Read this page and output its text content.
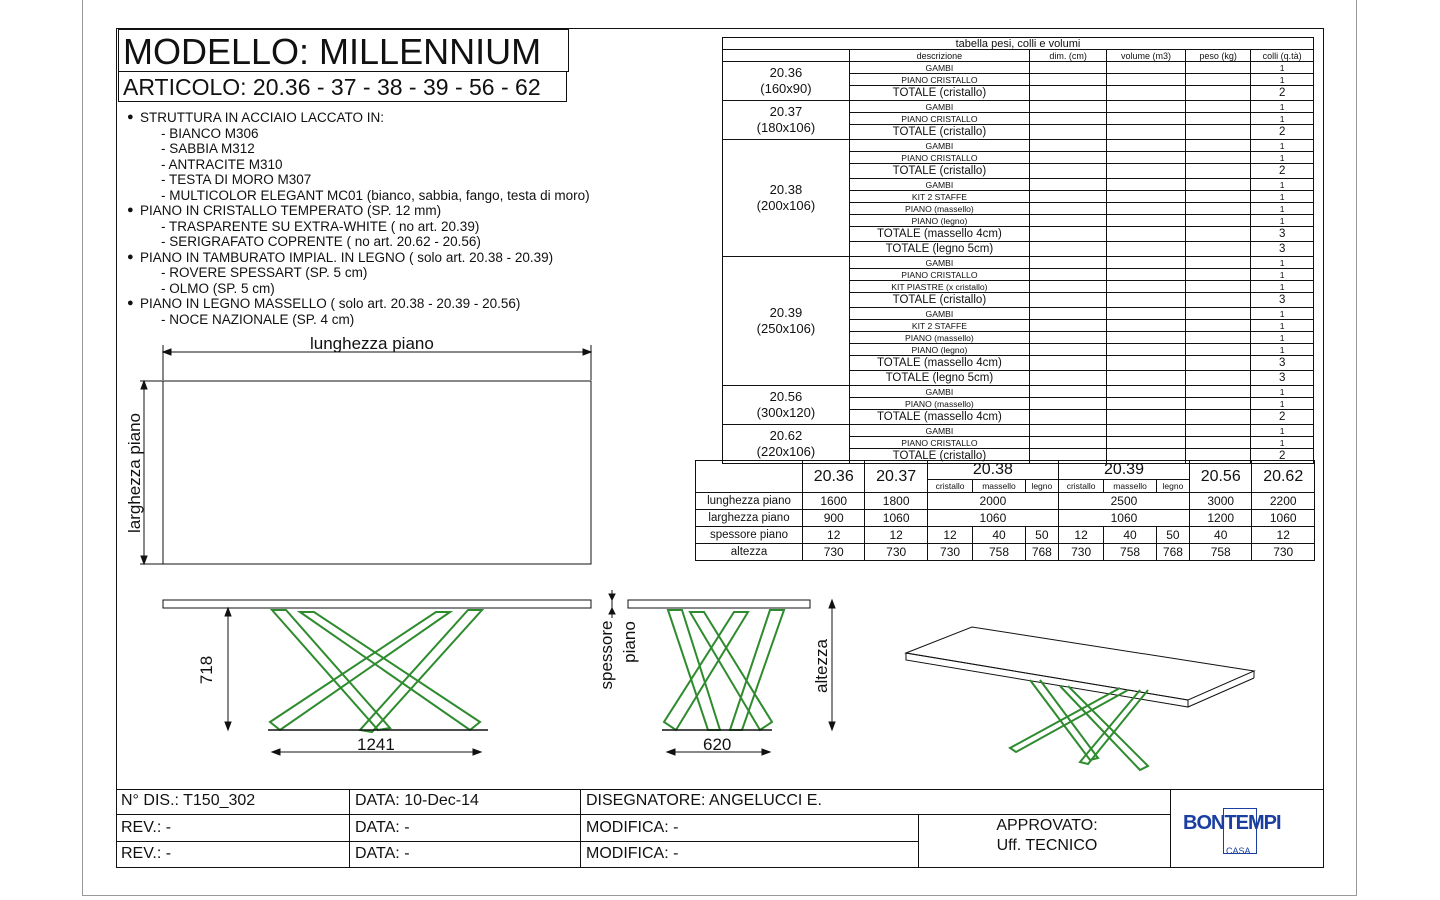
MODELLO: MILLENNIUM
ARTICOLO: 20.36 - 37 - 38 - 39 - 56 - 62
● STRUTTURA IN ACCIAIO LACCATO IN:
- BIANCO M306
- SABBIA M312
- ANTRACITE M310
- TESTA DI MORO M307
- MULTICOLOR ELEGANT MC01 (bianco, sabbia, fango, testa di moro)
● PIANO IN CRISTALLO TEMPERATO (SP. 12 mm)
- TRASPARENTE SU EXTRA-WHITE ( no art. 20.39)
- SERIGRAFATO COPRENTE ( no art. 20.62 - 20.56)
● PIANO IN TAMBURATO IMPIAL. IN LEGNO ( solo art. 20.38 - 20.39)
- ROVERE SPESSART (SP. 5 cm)
- OLMO (SP. 5 cm)
● PIANO IN LEGNO MASSELLO ( solo art. 20.38 - 20.39 - 20.56)
- NOCE NAZIONALE (SP. 4 cm)
lunghezza piano
larghezza piano
718
1241	620
spessore piano	altezza
tabella pesi, colli e volumi					
	descrizione	dim. (cm)	volume (m3)	peso (kg)	colli (q.tà)
20.36
(160x90)	GAMBI				1
	PIANO CRISTALLO				1
	TOTALE (cristallo)				2
20.37
(180x106)	GAMBI				1
	PIANO CRISTALLO				1
	TOTALE (cristallo)				2
20.38
(200x106)	GAMBI				1
	PIANO CRISTALLO				1
	TOTALE (cristallo)				2
	GAMBI				1
	KIT 2 STAFFE				1
	PIANO (massello)				1
	PIANO (legno)				1
	TOTALE (massello 4cm)				3
	TOTALE (legno 5cm)				3
20.39
(250x106)	GAMBI				1
	PIANO CRISTALLO				1
	KIT PIASTRE (x cristallo)				1
	TOTALE (cristallo)				3
	GAMBI				1
	KIT 2 STAFFE				1
	PIANO (massello)				1
	PIANO (legno)				1
	TOTALE (massello 4cm)				3
	TOTALE (legno 5cm)				3
20.56
(300x120)	GAMBI				1
	PIANO (massello)				1
	TOTALE (massello 4cm)				2
20.62
(220x106)	GAMBI				1
	PIANO CRISTALLO				1
	TOTALE (cristallo)				2
	20.36	20.37	20.38			20.39			20.56	20.62
			cristallo	massello	legno	cristallo	massello	legno		
lunghezza piano	1600	1800	2000			2500			3000	2200
larghezza piano	900	1060	1060			1060			1200	1060
spessore piano	12	12	12	40	50	12	40	50	40	12
altezza	730	730	730	758	768	730	758	768	758	730
N° DIS.: T150_302	DATA: 10-Dec-14	DISEGNATORE: ANGELUCCI E.
REV.: -	DATA: -	MODIFICA: -
REV.: -	DATA: -	MODIFICA: -
APPROVATO:
Uff. TECNICO
BONTEMPI
CASA
